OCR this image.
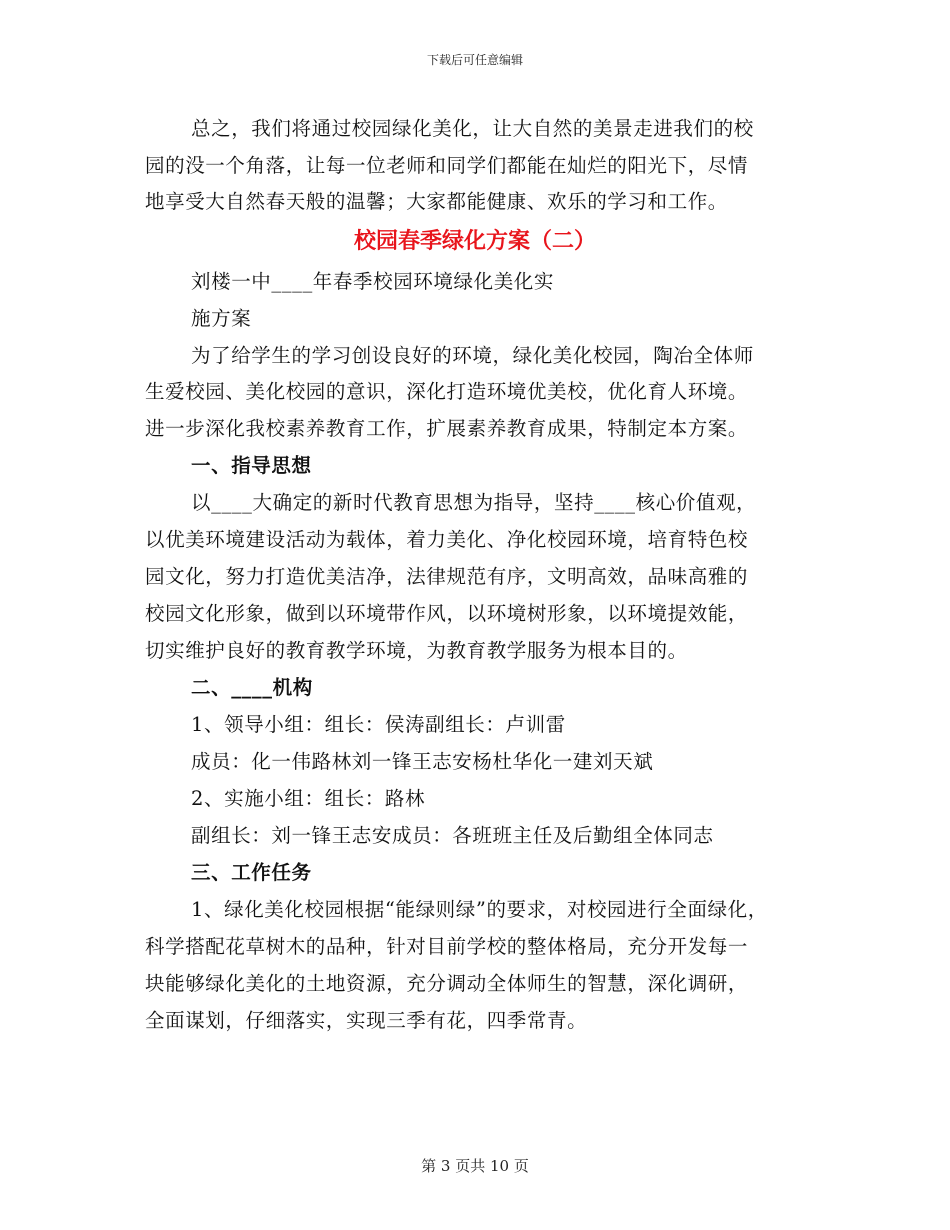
下载后可任意编辑
总之，我们将通过校园绿化美化，让大自然的美景走进我们的校
园的没一个角落，让每一位老师和同学们都能在灿烂的阳光下，尽情
地享受大自然春天般的温馨；大家都能健康、欢乐的学习和工作。
校园春季绿化方案（二）
刘楼一中____年春季校园环境绿化美化实
施方案
为了给学生的学习创设良好的环境，绿化美化校园，陶冶全体师
生爱校园、美化校园的意识，深化打造环境优美校，优化育人环境。
进一步深化我校素养教育工作，扩展素养教育成果，特制定本方案。
一、指导思想
以____大确定的新时代教育思想为指导，坚持____核心价值观，
以优美环境建设活动为载体，着力美化、净化校园环境，培育特色校
园文化，努力打造优美洁净，法律规范有序，文明高效，品味高雅的
校园文化形象，做到以环境带作风，以环境树形象，以环境提效能，
切实维护良好的教育教学环境，为教育教学服务为根本目的。
二、____机构
1、领导小组：组长：侯涛副组长：卢训雷
成员：化一伟路林刘一锋王志安杨杜华化一建刘天斌
2、实施小组：组长：路林
副组长：刘一锋王志安成员：各班班主任及后勤组全体同志
三、工作任务
1、绿化美化校园根据“能绿则绿”的要求，对校园进行全面绿化，
科学搭配花草树木的品种，针对目前学校的整体格局，充分开发每一
块能够绿化美化的土地资源，充分调动全体师生的智慧，深化调研，
全面谋划，仔细落实，实现三季有花，四季常青。
第 3 页共 10 页
